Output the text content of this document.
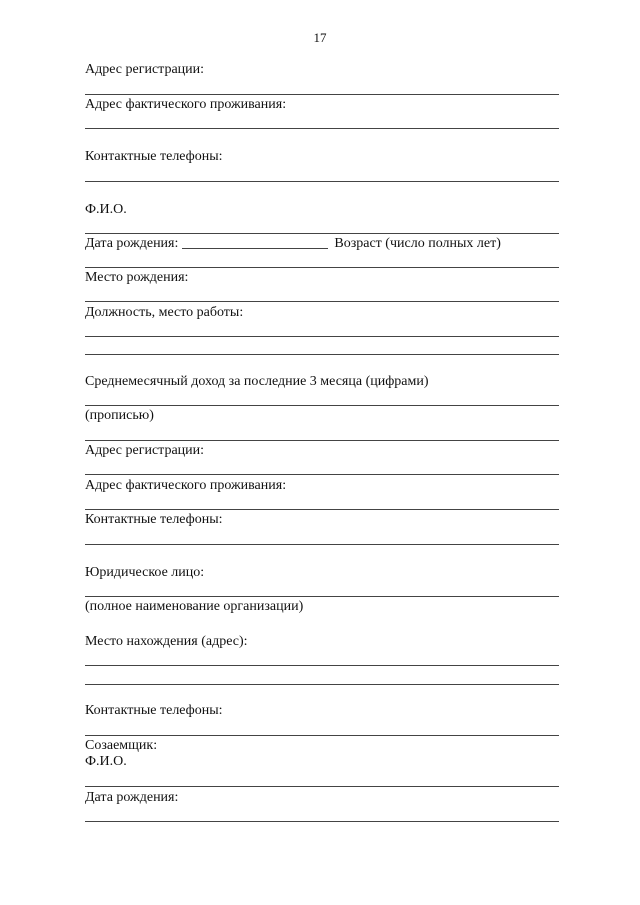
17
Адрес регистрации:
Адрес фактического проживания:
Контактные телефоны:
Ф.И.О.
Дата рождения:	Возраст (число полных лет)
Место рождения:
Должность, место работы:
Среднемесячный доход за последние 3 месяца (цифрами)
(прописью)
Адрес регистрации:
Адрес фактического проживания:
Контактные телефоны:
Юридическое лицо:
(полное наименование организации)
Место нахождения (адрес):
Контактные телефоны:
Созаемщик:
Ф.И.О.
Дата рождения:
